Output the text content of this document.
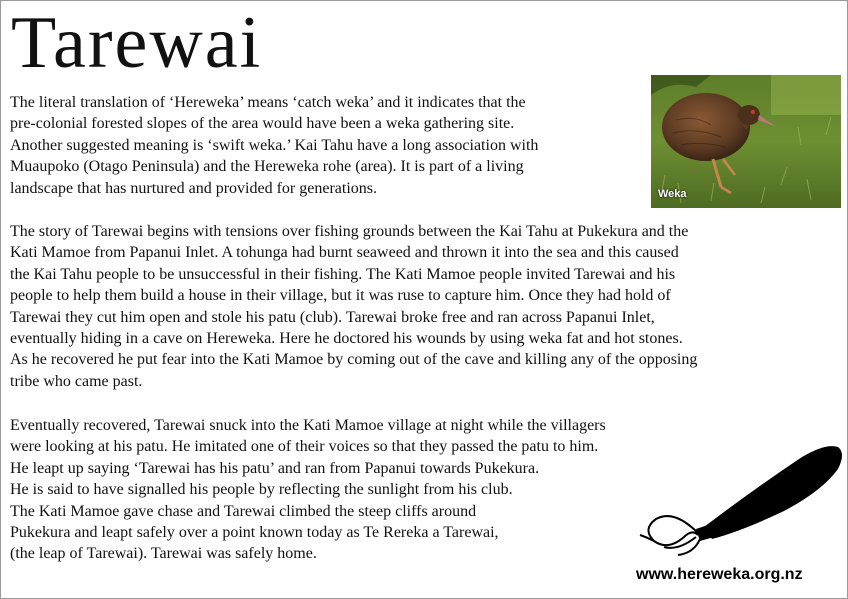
Tarewai
Weka
The literal translation of ‘Hereweka’ means ‘catch weka’ and it indicates that the
pre-colonial forested slopes of the area would have been a weka gathering site.
Another suggested meaning is ‘swift weka.’ Kai Tahu have a long association with
Muaupoko (Otago Peninsula) and the Hereweka rohe (area). It is part of a living
landscape that has nurtured and provided for generations.
The story of Tarewai begins with tensions over fishing grounds between the Kai Tahu at Pukekura and the
Kati Mamoe from Papanui Inlet. A tohunga had burnt seaweed and thrown it into the sea and this caused
the Kai Tahu people to be unsuccessful in their fishing. The Kati Mamoe people invited Tarewai and his
people to help them build a house in their village, but it was ruse to capture him. Once they had hold of
Tarewai they cut him open and stole his patu (club). Tarewai broke free and ran across Papanui Inlet,
eventually hiding in a cave on Hereweka. Here he doctored his wounds by using weka fat and hot stones.
As he recovered he put fear into the Kati Mamoe by coming out of the cave and killing any of the opposing
tribe who came past.
Eventually recovered, Tarewai snuck into the Kati Mamoe village at night while the villagers
were looking at his patu. He imitated one of their voices so that they passed the patu to him.
He leapt up saying ‘Tarewai has his patu’ and ran from Papanui towards Pukekura.
He is said to have signalled his people by reflecting the sunlight from his club.
The Kati Mamoe gave chase and Tarewai climbed the steep cliffs around
Pukekura and leapt safely over a point known today as Te Rereka a Tarewai,
(the leap of Tarewai). Tarewai was safely home.
www.hereweka.org.nz
